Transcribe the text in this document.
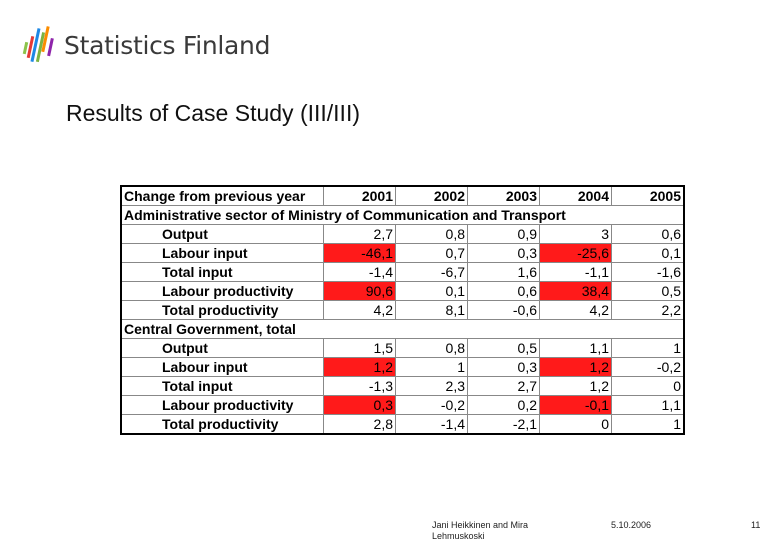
Statistics Finland
Results of Case Study (III/III)
Change from previous year	2001	2002	2003	2004	2005
Administrative sector of Ministry of Communication and Transport					
Output	2,7	0,8	0,9	3	0,6
Labour input	-46,1	0,7	0,3	-25,6	0,1
Total input	-1,4	-6,7	1,6	-1,1	-1,6
Labour productivity	90,6	0,1	0,6	38,4	0,5
Total productivity	4,2	8,1	-0,6	4,2	2,2
Central Government, total					
Output	1,5	0,8	0,5	1,1	1
Labour input	1,2	1	0,3	1,2	-0,2
Total input	-1,3	2,3	2,7	1,2	0
Labour productivity	0,3	-0,2	0,2	-0,1	1,1
Total productivity	2,8	-1,4	-2,1	0	1
Jani Heikkinen and Mira Lehmuskoski
5.10.2006	11
